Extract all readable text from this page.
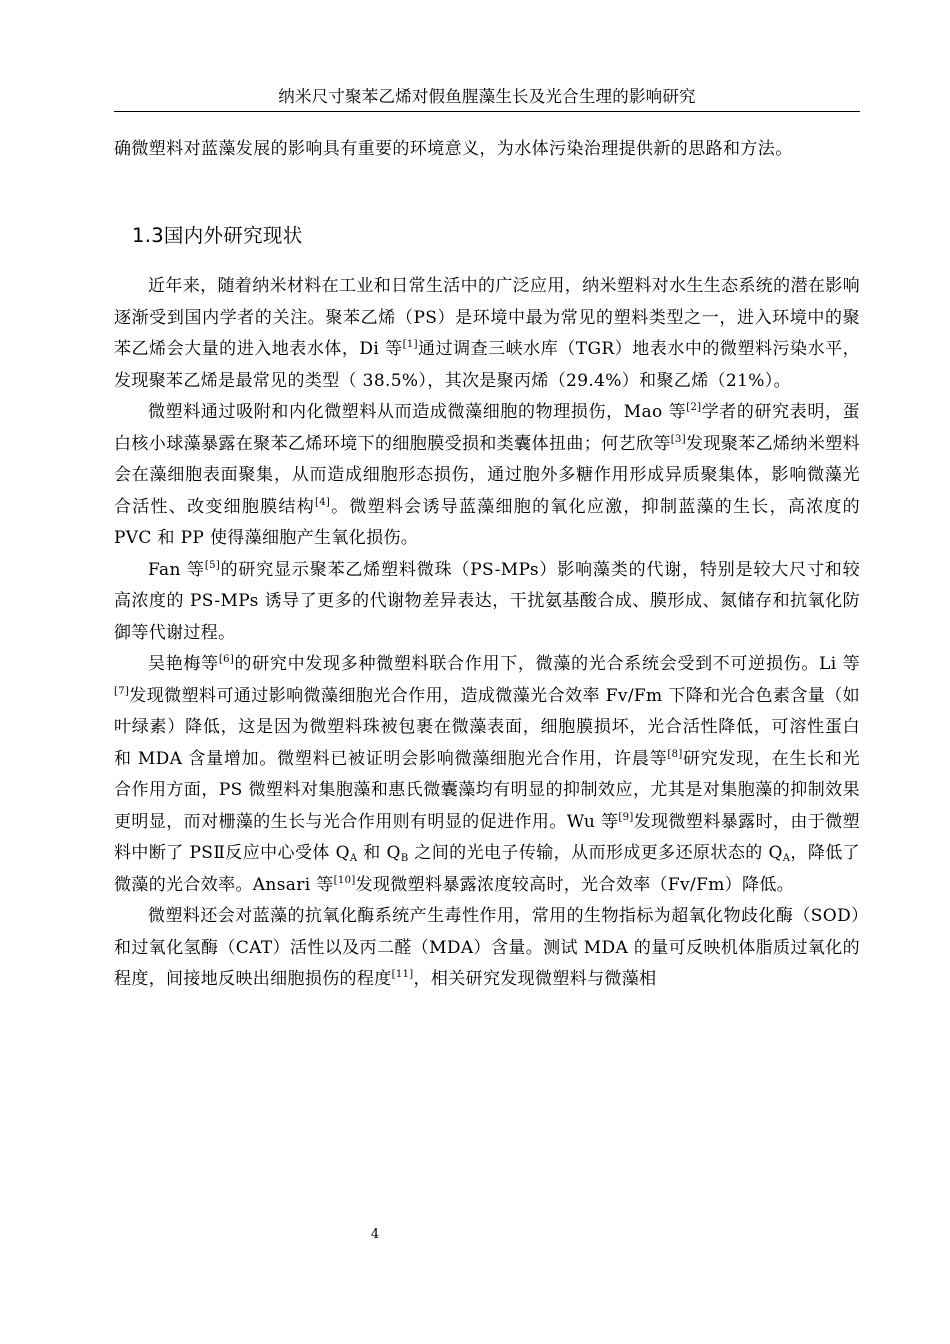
纳米尺寸聚苯乙烯对假鱼腥藻生长及光合生理的影响研究
确微塑料对蓝藻发展的影响具有重要的环境意义，为水体污染治理提供新的思路和方法。
1.3国内外研究现状

近年来，随着纳米材料在工业和日常生活中的广泛应用，纳米塑料对水生生态系统的潜在影响逐渐受到国内学者的关注。聚苯乙烯（PS）是环境中最为常见的塑料类型之一，进入环境中的聚苯乙烯会大量的进入地表水体，Di 等[1]通过调查三峡水库（TGR）地表水中的微塑料污染水平，发现聚苯乙烯是最常见的类型（ 38.5%），其次是聚丙烯（29.4%）和聚乙烯（21%）。

微塑料通过吸附和内化微塑料从而造成微藻细胞的物理损伤，Mao 等[2]学者的研究表明，蛋白核小球藻暴露在聚苯乙烯环境下的细胞膜受损和类囊体扭曲；何艺欣等[3]发现聚苯乙烯纳米塑料会在藻细胞表面聚集，从而造成细胞形态损伤，通过胞外多糖作用形成异质聚集体，影响微藻光合活性、改变细胞膜结构[4]。微塑料会诱导蓝藻细胞的氧化应激，抑制蓝藻的生长，高浓度的 PVC 和 PP 使得藻细胞产生氧化损伤。

Fan 等[5]的研究显示聚苯乙烯塑料微珠（PS-MPs）影响藻类的代谢，特别是较大尺寸和较高浓度的 PS-MPs 诱导了更多的代谢物差异表达，干扰氨基酸合成、膜形成、氮储存和抗氧化防御等代谢过程。

吴艳梅等[6]的研究中发现多种微塑料联合作用下，微藻的光合系统会受到不可逆损伤。Li 等[7]发现微塑料可通过影响微藻细胞光合作用，造成微藻光合效率 Fv/Fm 下降和光合色素含量（如叶绿素）降低，这是因为微塑料珠被包裹在微藻表面，细胞膜损坏，光合活性降低，可溶性蛋白和 MDA 含量增加。微塑料已被证明会影响微藻细胞光合作用，许晨等[8]研究发现，在生长和光合作用方面，PS 微塑料对集胞藻和惠氏微囊藻均有明显的抑制效应，尤其是对集胞藻的抑制效果更明显，而对栅藻的生长与光合作用则有明显的促进作用。Wu 等[9]发现微塑料暴露时，由于微塑料中断了 PSⅡ反应中心受体 $Q_A$ 和 $Q_B$ 之间的光电子传输，从而形成更多还原状态的 $Q_A$，降低了微藻的光合效率。Ansari 等[10]发现微塑料暴露浓度较高时，光合效率（Fv/Fm）降低。

微塑料还会对蓝藻的抗氧化酶系统产生毒性作用，常用的生物指标为超氧化物歧化酶（SOD）和过氧化氢酶（CAT）活性以及丙二醛（MDA）含量。测试 MDA 的量可反映机体脂质过氧化的程度，间接地反映出细胞损伤的程度[11]，相关研究发现微塑料与微藻相

4
